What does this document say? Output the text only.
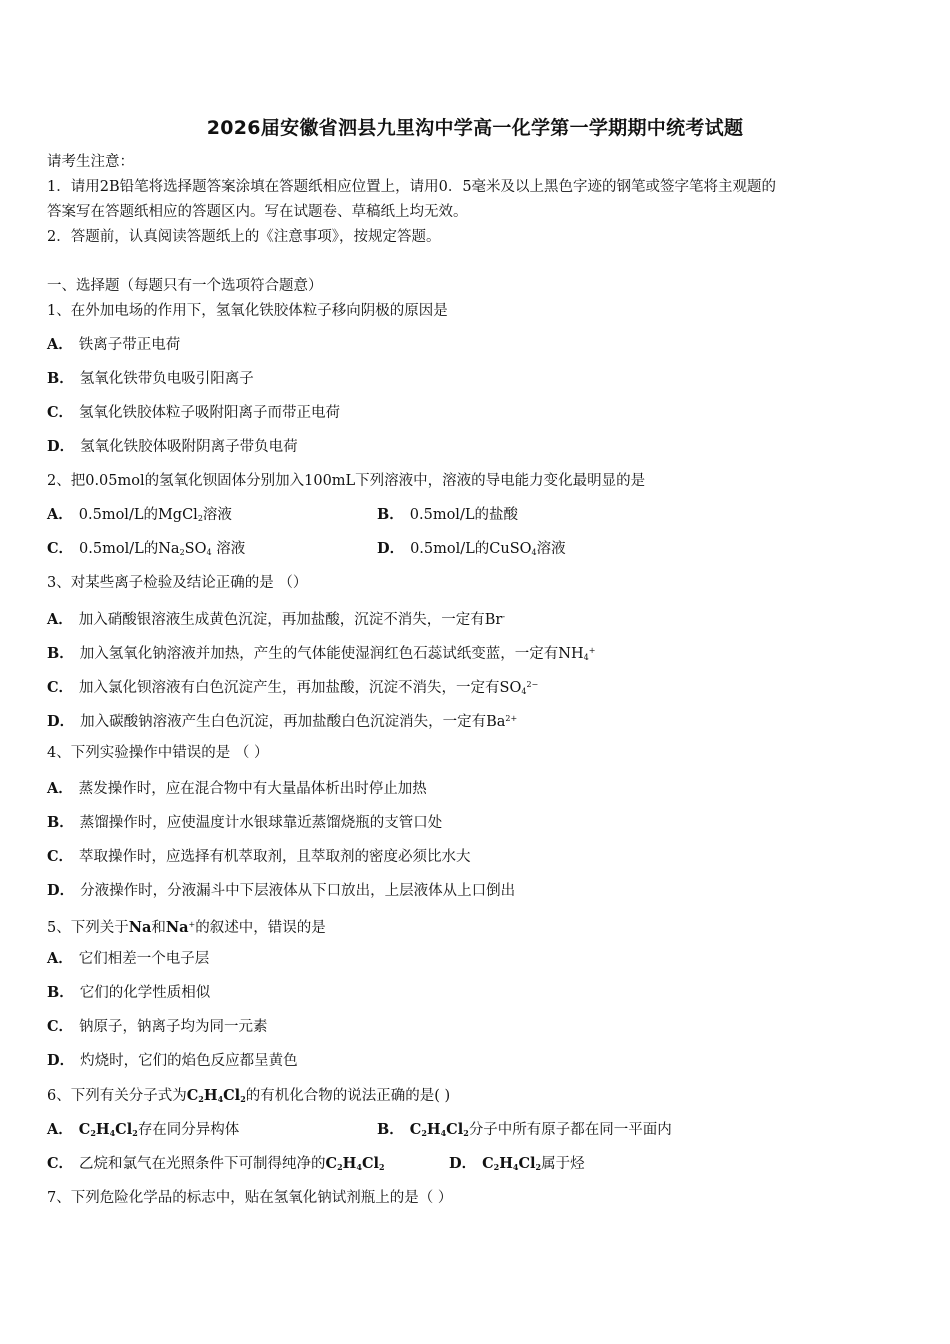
2026届安徽省泗县九里沟中学高一化学第一学期期中统考试题
请考生注意：
1．请用2B铅笔将选择题答案涂填在答题纸相应位置上，请用0．5毫米及以上黑色字迹的钢笔或签字笔将主观题的
答案写在答题纸相应的答题区内。写在试题卷、草稿纸上均无效。
2．答题前，认真阅读答题纸上的《注意事项》，按规定答题。
一、选择题（每题只有一个选项符合题意）
1、在外加电场的作用下，氢氧化铁胶体粒子移向阴极的原因是
A． 铁离子带正电荷
B． 氢氧化铁带负电吸引阳离子
C． 氢氧化铁胶体粒子吸附阳离子而带正电荷
D． 氢氧化铁胶体吸附阴离子带负电荷
2、把0.05mol的氢氧化钡固体分别加入100mL下列溶液中，溶液的导电能力变化最明显的是
A． 0.5mol/L的MgCl$_2$溶液	B． 0.5mol/L的盐酸
C． 0.5mol/L的$Na_2SO_4$ 溶液	D． 0.5mol/L的CuSO$_4$溶液
3、对某些离子检验及结论正确的是 （）
A． 加入硝酸银溶液生成黄色沉淀，再加盐酸，沉淀不消失，一定有Br-
B． 加入氢氧化钠溶液并加热，产生的气体能使湿润红色石蕊试纸变蓝，一定有$NH_4^+$
C． 加入氯化钡溶液有白色沉淀产生，再加盐酸，沉淀不消失，一定有$SO_4^{2-}$
D． 加入碳酸钠溶液产生白色沉淀，再加盐酸白色沉淀消失，一定有$Ba^{2+}$
4、下列实验操作中错误的是 （ ）
A． 蒸发操作时，应在混合物中有大量晶体析出时停止加热
B． 蒸馏操作时，应使温度计水银球靠近蒸馏烧瓶的支管口处
C． 萃取操作时，应选择有机萃取剂，且萃取剂的密度必须比水大
D． 分液操作时，分液漏斗中下层液体从下口放出，上层液体从上口倒出
5、下列关于Na和Na+的叙述中，错误的是
A． 它们相差一个电子层
B． 它们的化学性质相似
C． 钠原子，钠离子均为同一元素
D． 灼烧时，它们的焰色反应都呈黄色
6、下列有关分子式为$C_2H_4Cl_2$的有机化合物的说法正确的是( )
A． $C_2H_4Cl_2$存在同分异构体	B． $C_2H_4Cl_2$分子中所有原子都在同一平面内
C． 乙烷和氯气在光照条件下可制得纯净的$C_2H_4Cl_2$	D． $C_2H_4Cl_2$属于烃
7、下列危险化学品的标志中，贴在氢氧化钠试剂瓶上的是（ ）
